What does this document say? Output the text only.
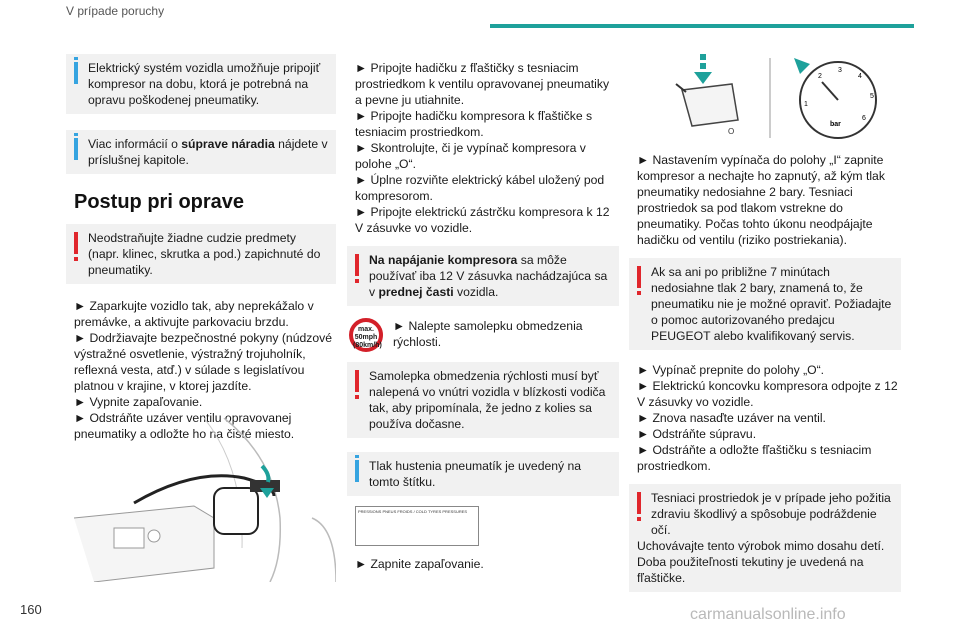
V prípade poruchy

Elektrický systém vozidla umožňuje pripojiť kompresor na dobu, ktorá je potrebná na opravu poškodenej pneumatiky.

Viac informácií o súprave náradia nájdete v príslušnej kapitole.

Postup pri oprave

Neodstraňujte žiadne cudzie predmety (napr. klinec, skrutka a pod.) zapichnuté do pneumatiky.

► Zaparkujte vozidlo tak, aby neprekážalo v premávke, a aktivujte parkovaciu brzdu.

► Dodržiavajte bezpečnostné pokyny (núdzové výstražné osvetlenie, výstražný trojuholník, reflexná vesta, atď.) v súlade s legislatívou platnou v krajine, v ktorej jazdíte.

► Vypnite zapaľovanie.

► Odstráňte uzáver ventilu opravovanej pneumatiky a odložte ho na čisté miesto.

► Pripojte hadičku z fľaštičky s tesniacim prostriedkom k ventilu opravovanej pneumatiky a pevne ju utiahnite.

► Pripojte hadičku kompresora k fľaštičke s tesniacim prostriedkom.

► Skontrolujte, či je vypínač kompresora v polohe „O“.

► Úplne rozviňte elektrický kábel uložený pod kompresorom.

► Pripojte elektrickú zástrčku kompresora k 12 V zásuvke vo vozidle.

Na napájanie kompresora sa môže používať iba 12 V zásuvka nachádzajúca sa v prednej časti vozidla.

max. 50mph (80km/h)

► Nalepte samolepku obmedzenia rýchlosti.

Samolepka obmedzenia rýchlosti musí byť nalepená vo vnútri vozidla v blízkosti vodiča tak, aby pripomínala, že jedno z kolies sa používa dočasne.

Tlak hustenia pneumatík je uvedený na tomto štítku.

PRESSIONS PNEUS FROIDS / COLD TYRES PRESSURES

► Zapnite zapaľovanie.

O
1
2
3
4
5
6
bar

► Nastavením vypínača do polohy „I“ zapnite kompresor a nechajte ho zapnutý, až kým tlak pneumatiky nedosiahne 2 bary. Tesniaci prostriedok sa pod tlakom vstrekne do pneumatiky. Počas tohto úkonu neodpájajte hadičku od ventilu (riziko postriekania).

Ak sa ani po približne 7 minútach nedosiahne tlak 2 bary, znamená to, že pneumatiku nie je možné opraviť. Požiadajte o pomoc autorizovaného predajcu PEUGEOT alebo kvalifikovaný servis.

► Vypínač prepnite do polohy „O“.

► Elektrickú koncovku kompresora odpojte z 12 V zásuvky vo vozidle.

► Znova nasaďte uzáver na ventil.

► Odstráňte súpravu.

► Odstráňte a odložte fľaštičku s tesniacim prostriedkom.

Tesniaci prostriedok je v prípade jeho požitia zdraviu škodlivý a spôsobuje podráždenie očí.

Uchovávajte tento výrobok mimo dosahu detí.

Doba použiteľnosti tekutiny je uvedená na fľaštičke.

160	carmanualsonline.info
